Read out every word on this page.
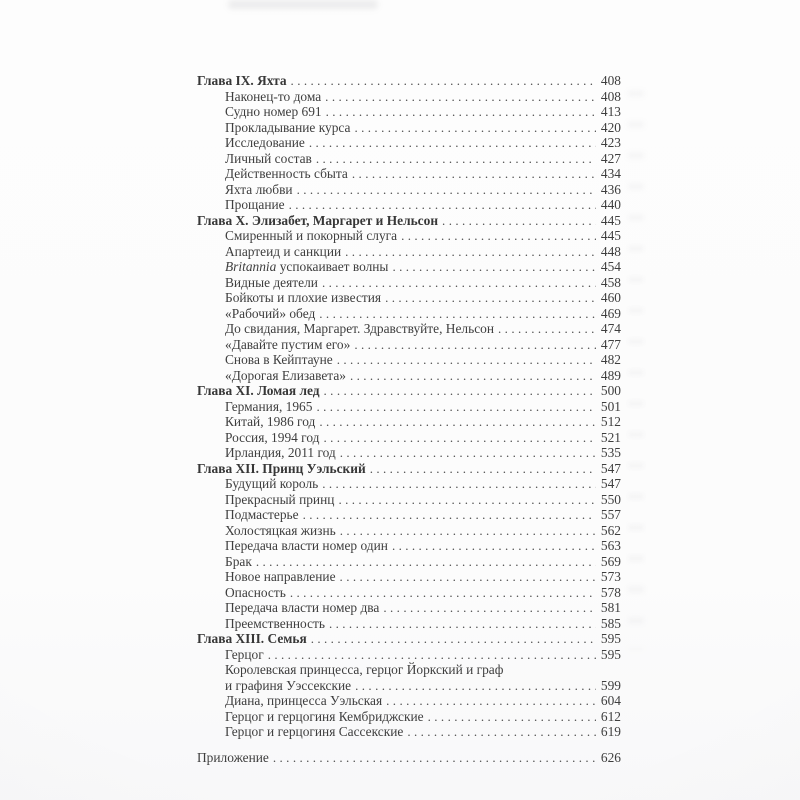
Глава IX. Яхта .....	408
Наконец-то дома .....	408
Судно номер 691 .....	413
Прокладывание курса .....	420
Исследование .....	423
Личный состав .....	427
Действенность сбыта .....	434
Яхта любви .....	436
Прощание .....	440
Глава X. Элизабет, Маргарет и Нельсон .....	445
Смиренный и покорный слуга .....	445
Апартеид и санкции .....	448
Britannia успокаивает волны .....	454
Видные деятели .....	458
Бойкоты и плохие известия .....	460
«Рабочий» обед .....	469
До свидания, Маргарет. Здравствуйте, Нельсон .....	474
«Давайте пустим его» .....	477
Снова в Кейптауне .....	482
«Дорогая Елизавета» .....	489
Глава XI. Ломая лед .....	500
Германия, 1965 .....	501
Китай, 1986 год .....	512
Россия, 1994 год .....	521
Ирландия, 2011 год .....	535
Глава XII. Принц Уэльский .....	547
Будущий король .....	547
Прекрасный принц .....	550
Подмастерье .....	557
Холостяцкая жизнь .....	562
Передача власти номер один .....	563
Брак .....	569
Новое направление .....	573
Опасность .....	578
Передача власти номер два .....	581
Преемственность .....	585
Глава XIII. Семья .....	595
Герцог .....	595
Королевская принцесса, герцог Йоркский и граф
и графиня Уэссекские .....	599
Диана, принцесса Уэльская .....	604
Герцог и герцогиня Кембриджские .....	612
Герцог и герцогиня Сассекские .....	619
Приложение .....	626
